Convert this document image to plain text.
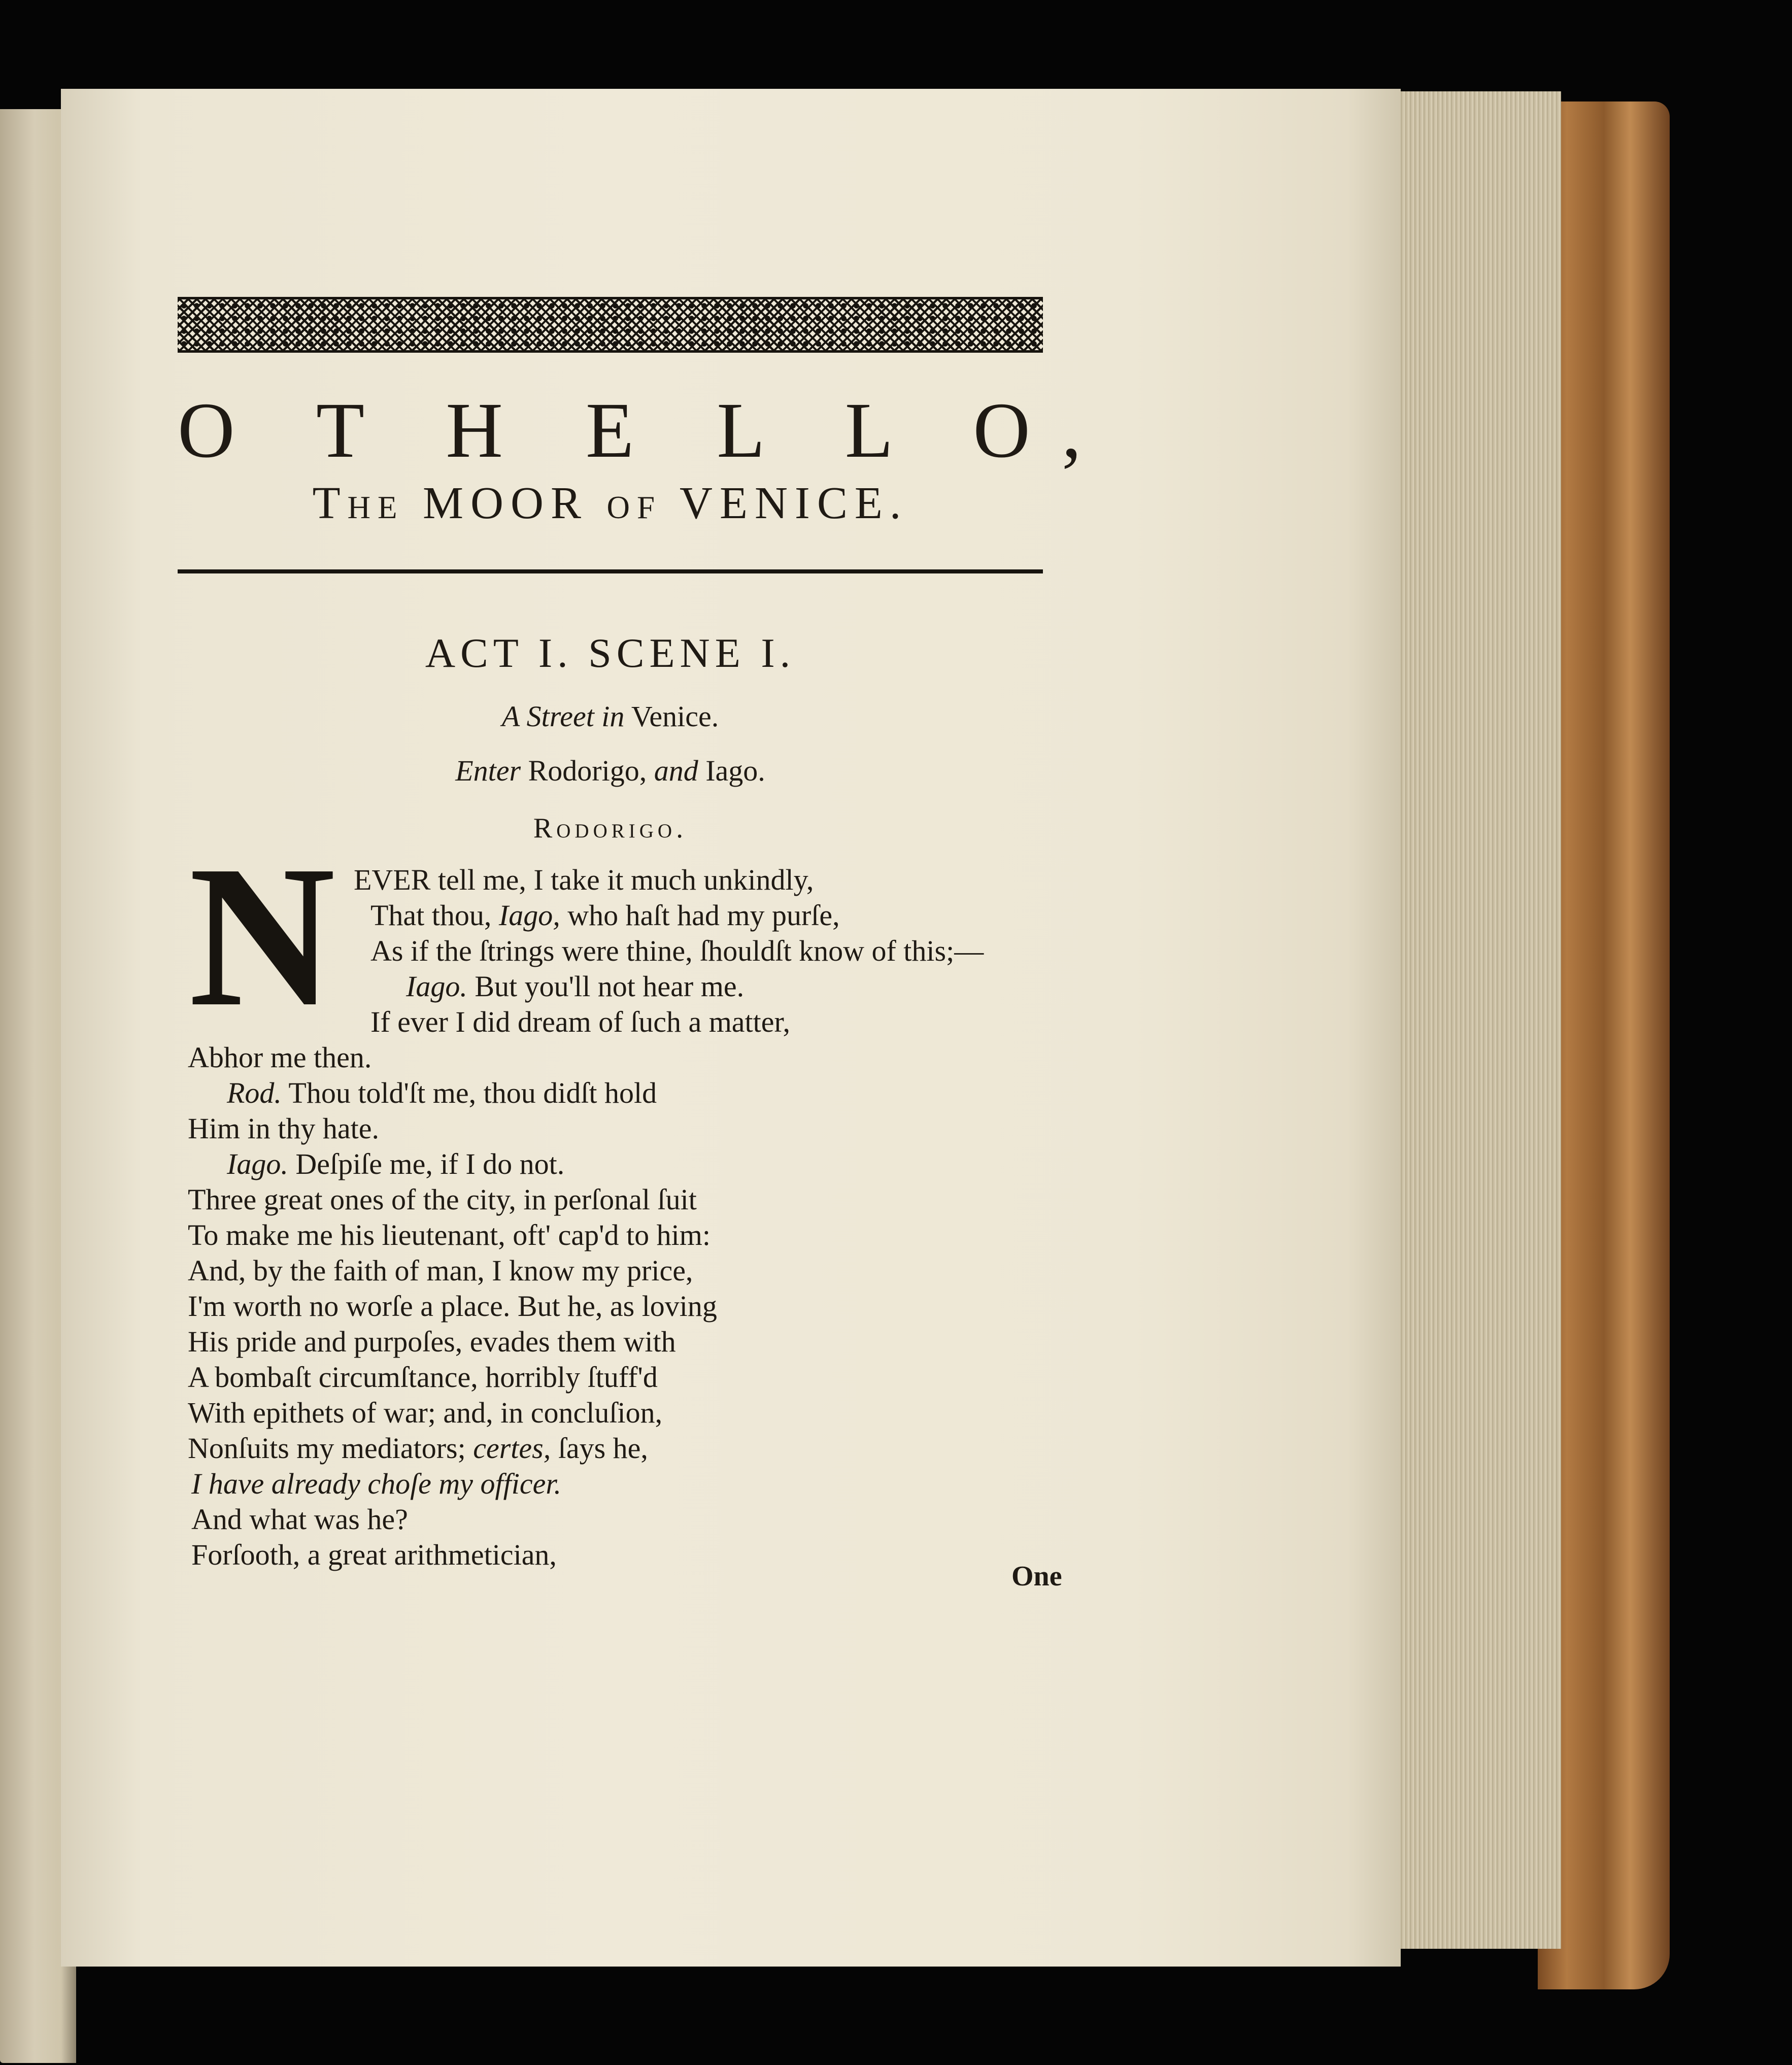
O T H E L L O,
The MOOR of VENICE.
ACT I. SCENE I.
A Street in Venice.
Enter Rodorigo, and Iago.
Rodorigo.
N EVER tell me, I take it much unkindly,
That thou, Iago, who haſt had my purſe,
As if the ſtrings were thine, ſhouldſt know of this;—
Iago. But you'll not hear me.
If ever I did dream of ſuch a matter,
Abhor me then.
Rod. Thou told'ſt me, thou didſt hold
Him in thy hate.
Iago. Deſpiſe me, if I do not.
Three great ones of the city, in perſonal ſuit
To make me his lieutenant, oft' cap'd to him:
And, by the faith of man, I know my price,
I'm worth no worſe a place. But he, as loving
His pride and purpoſes, evades them with
A bombaſt circumſtance, horribly ſtuff'd
With epithets of war; and, in concluſion,
Nonſuits my mediators; certes, ſays he,
I have already choſe my officer.
And what was he?
Forſooth, a great arithmetician,
One
